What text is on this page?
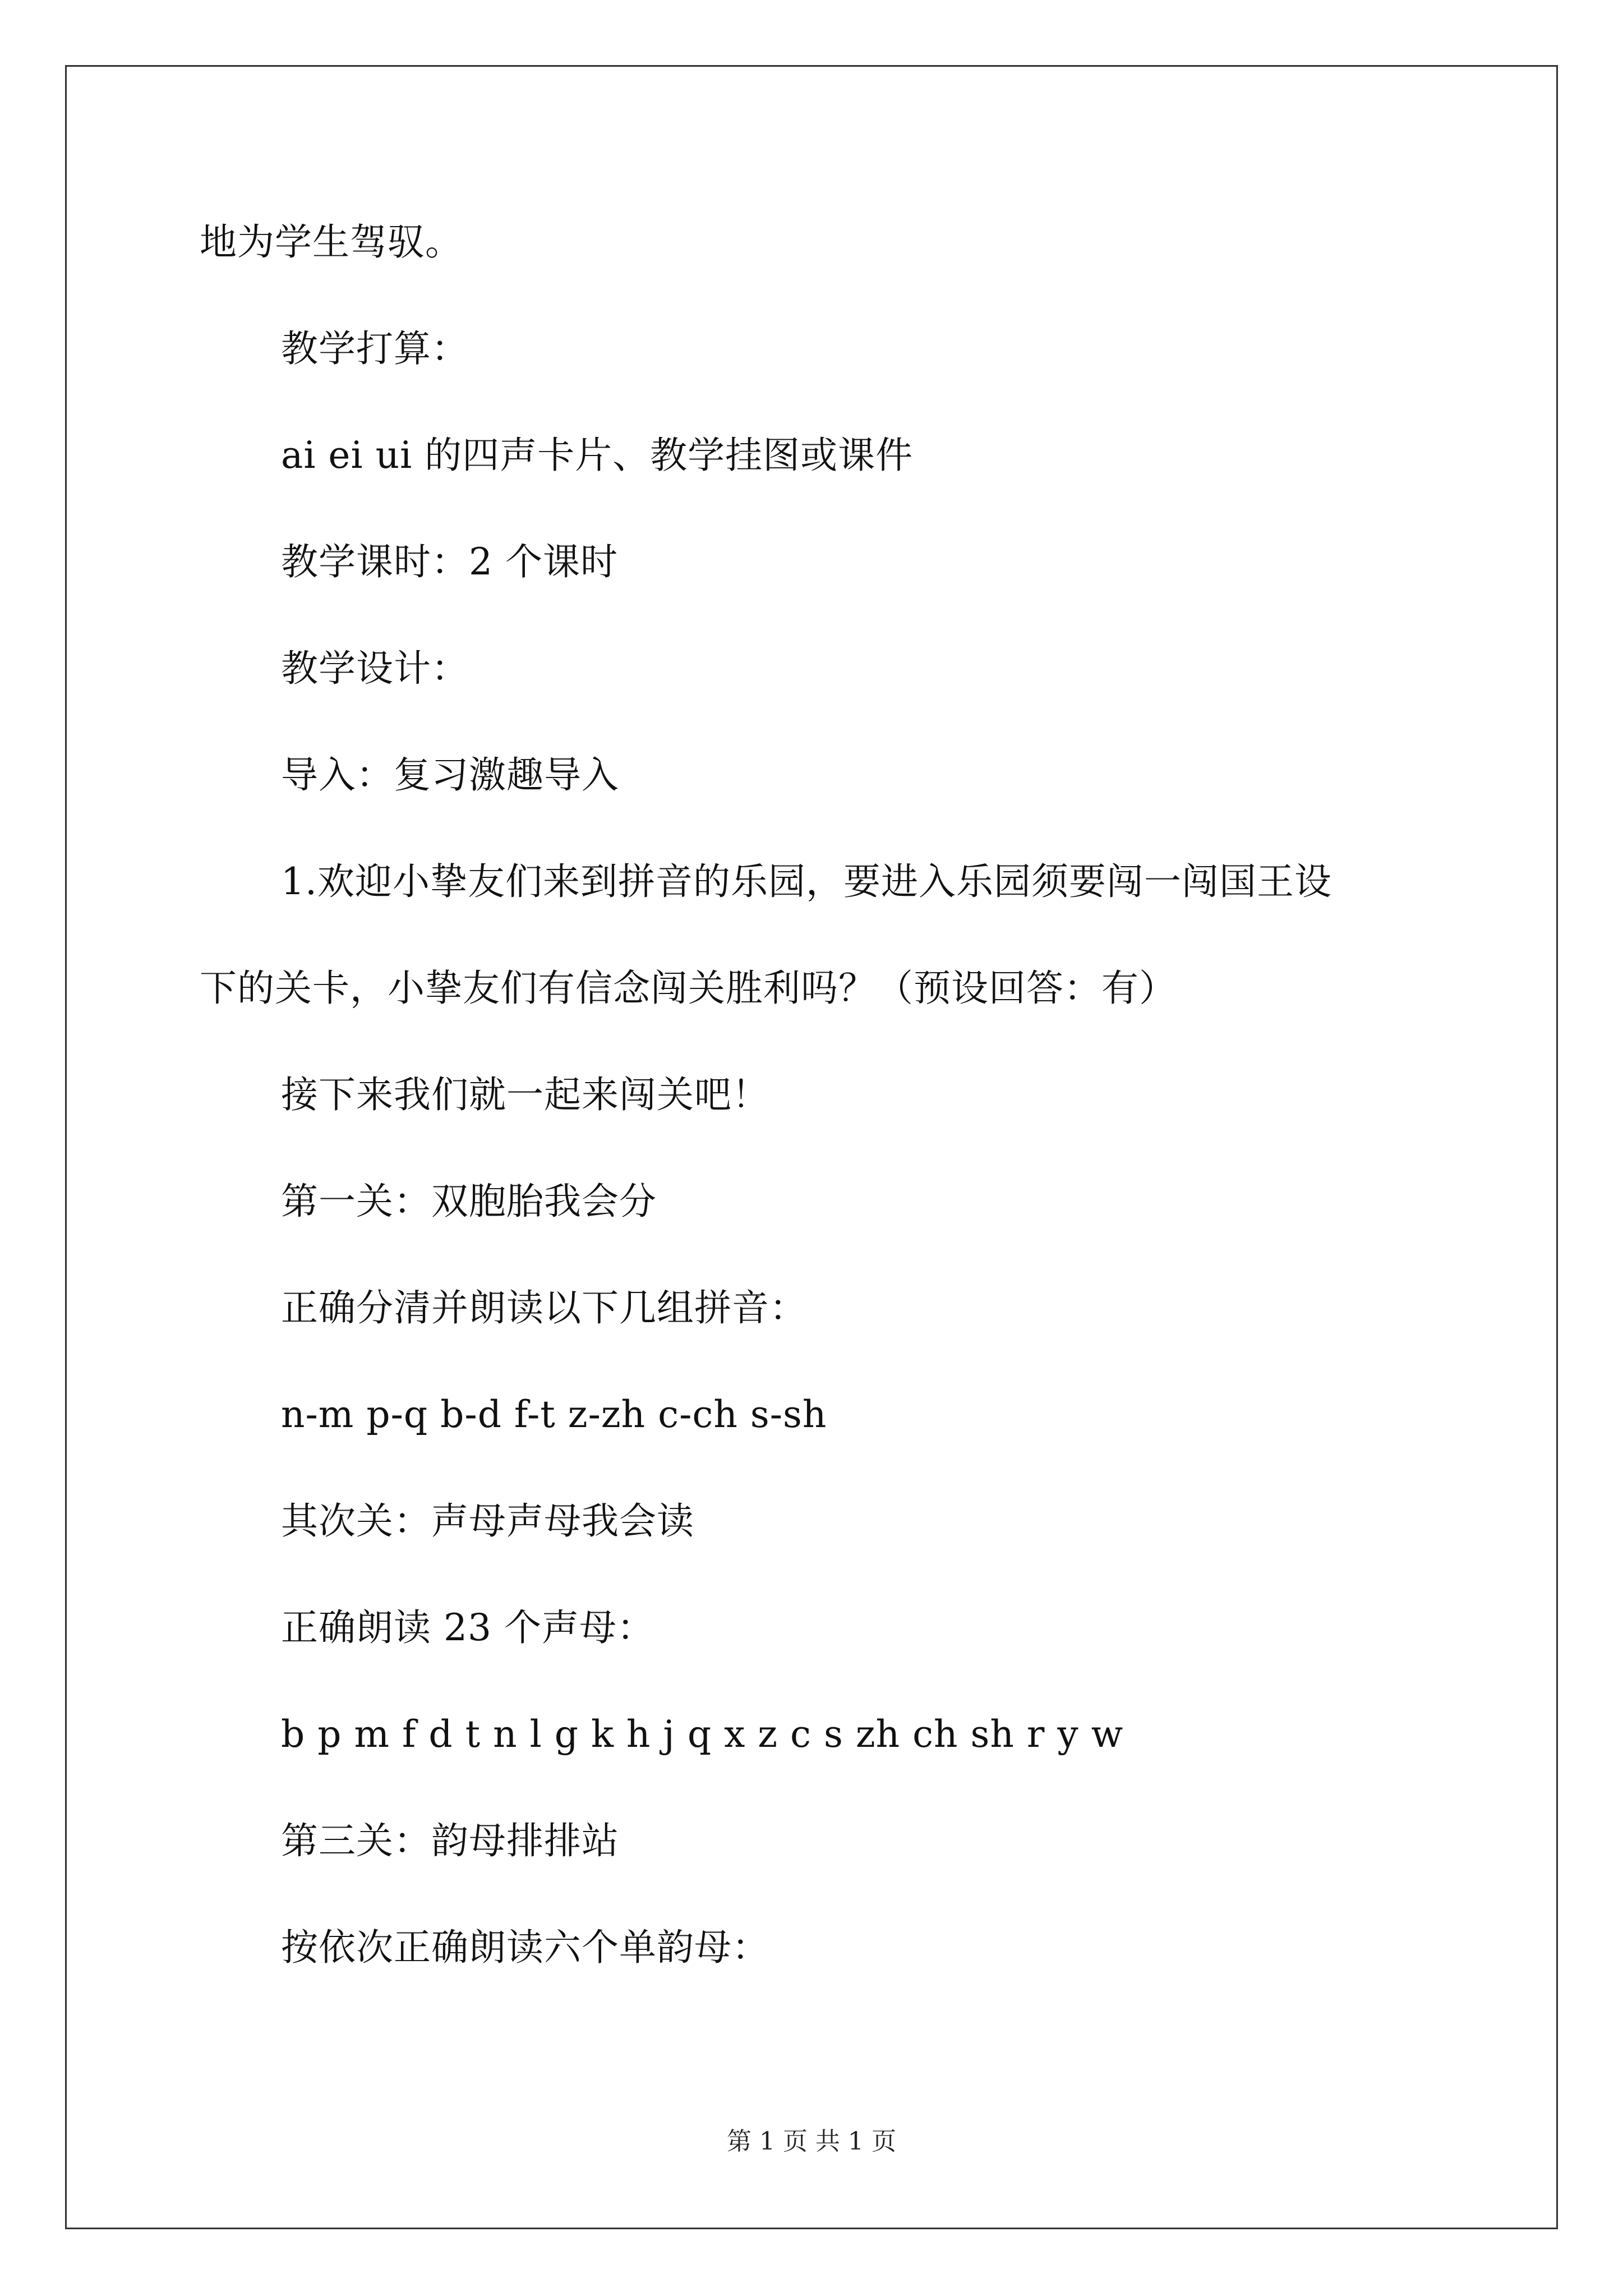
地为学生驾驭。
教学打算：
ai ei ui 的四声卡片、教学挂图或课件
教学课时：2 个课时
教学设计：
导入：复习激趣导入
1.欢迎小挚友们来到拼音的乐园，要进入乐园须要闯一闯国王设
下的关卡，小挚友们有信念闯关胜利吗？（预设回答：有）
接下来我们就一起来闯关吧！
第一关：双胞胎我会分
正确分清并朗读以下几组拼音：
n-m p-q b-d f-t z-zh c-ch s-sh
其次关：声母声母我会读
正确朗读 23 个声母：
b p m f d t n l g k h j q x z c s zh ch sh r y w
第三关：韵母排排站
按依次正确朗读六个单韵母：
第 1 页 共 1 页
